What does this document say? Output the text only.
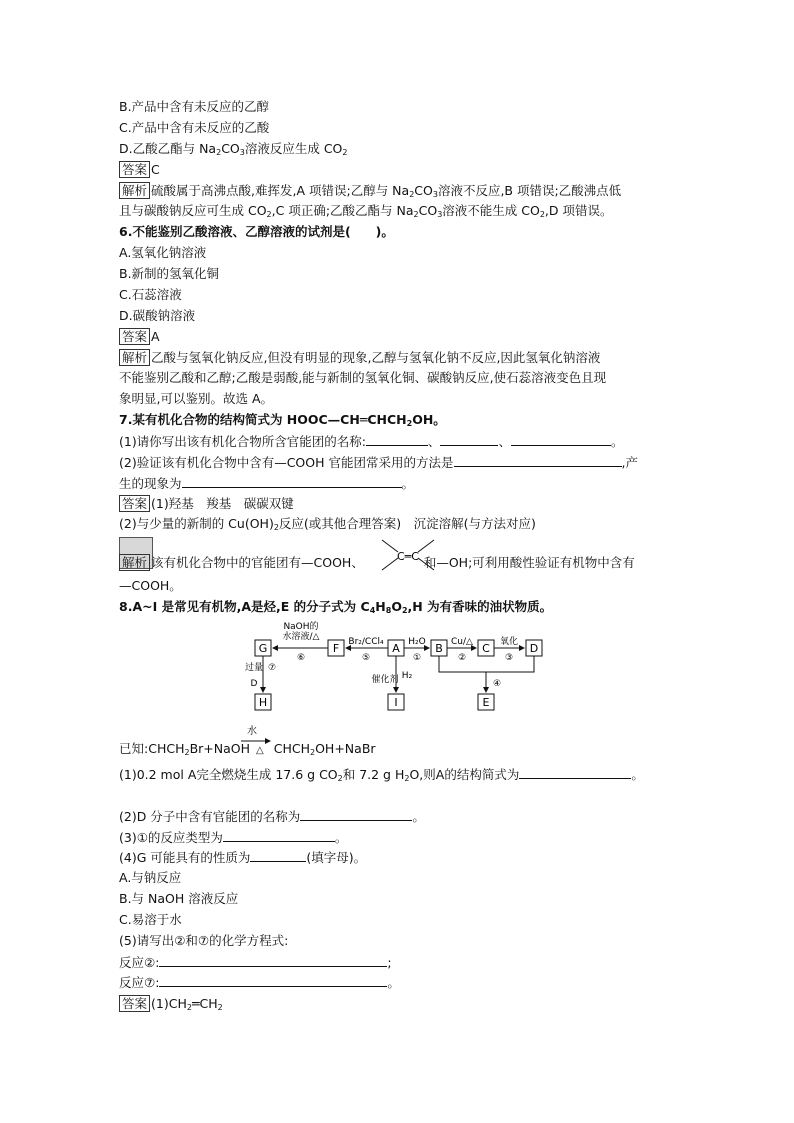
B.产品中含有未反应的乙醇
C.产品中含有未反应的乙酸
D.乙酸乙酯与 $Na_2CO_3$溶液反应生成 $CO_2$
答案 C
解析 硫酸属于高沸点酸,难挥发,A 项错误;乙醇与 $Na_2CO_3$溶液不反应,B 项错误;乙酸沸点低
且与碳酸钠反应可生成 $CO_2,C$ 项正确;乙酸乙酯与 $Na_2CO_3$溶液不能生成 $CO_2,D$ 项错误。
6.不能鉴别乙酸溶液、乙醇溶液的试剂是(　　)。
A.氢氧化钠溶液
B.新制的氢氧化铜
C.石蕊溶液
D.碳酸钠溶液
答案 A
解析 乙酸与氢氧化钠反应,但没有明显的现象,乙醇与氢氧化钠不反应,因此氢氧化钠溶液
不能鉴别乙酸和乙醇;乙酸是弱酸,能与新制的氢氧化铜、碳酸钠反应,使石蕊溶液变色且现
象明显,可以鉴别。故选 A。
7.某有机化合物的结构简式为 $HOOC—CH═CHCH_2OH$。
(1)请你写出该有机化合物所含官能团的名称:	、	、	。
(2)验证该有机化合物中含有—COOH 官能团常采用的方法是	,产
生的现象为	。
答案 (1)羟基　羧基　碳碳双键
(2)与少量的新制的 $Cu(OH)_2$反应(或其他合理答案)　沉淀溶解(与方法对应)
解析 该有机化合物中的官能团有—COOH、	和—OH;可利用酸性验证有机物中含有
C═C
—COOH。
8.A~I 是常见有机物,A是烃,E 的分子式为 $C_4H_8O_2,H$ 为有香味的油状物质。
G	F	A	B	C	D
H	I	E
NaOH的
水溶液/△
⑥
Br₂/CCl₄
⑤
H₂O
①
Cu/△
②
氧化
③
④
过量 ⑦
D	催化剂 H₂
水
已知$:CHCH_2Br+NaOH$ △ $CHCH_2OH+NaBr$
(1)0.2 mol A完全燃烧生成 17.6 g $CO_2$和 7.2 g $H_2O$,则A的结构简式为	。
(2)D 分子中含有官能团的名称为	。
(3)①的反应类型为	。
(4)G 可能具有的性质为	(填字母)。
A.与钠反应
B.与 NaOH 溶液反应
C.易溶于水
(5)请写出②和⑦的化学方程式:
反应②:	;
反应⑦:	。
答案 $(1)CH_2═CH_2$
